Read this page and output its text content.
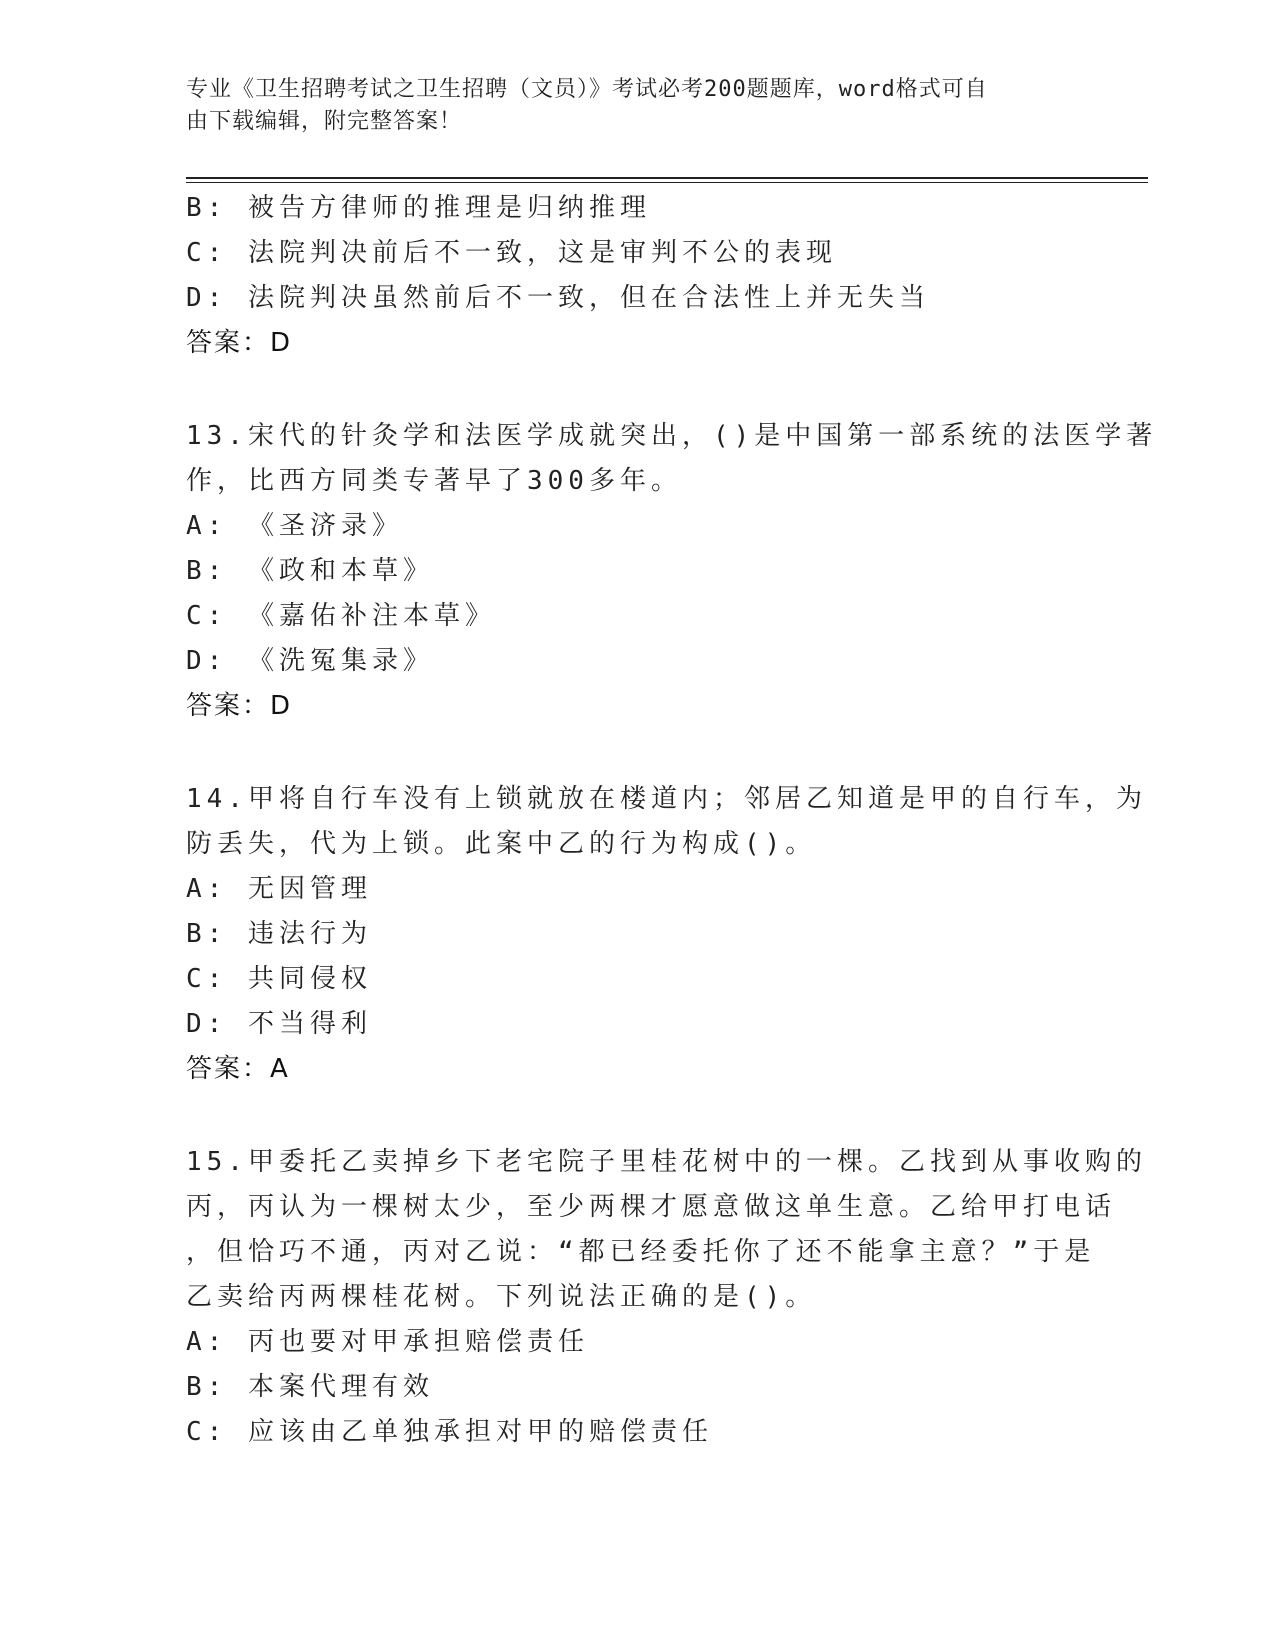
专业《卫生招聘考试之卫生招聘（文员）》考试必考200题题库，word格式可自
由下载编辑，附完整答案！
B: 被告方律师的推理是归纳推理
C: 法院判决前后不一致，这是审判不公的表现
D: 法院判决虽然前后不一致，但在合法性上并无失当
答案：D
13.宋代的针灸学和法医学成就突出，()是中国第一部系统的法医学著
作，比西方同类专著早了300多年。
A: 《圣济录》
B: 《政和本草》
C: 《嘉佑补注本草》
D: 《洗冤集录》
答案：D
14.甲将自行车没有上锁就放在楼道内；邻居乙知道是甲的自行车，为
防丢失，代为上锁。此案中乙的行为构成()。
A: 无因管理
B: 违法行为
C: 共同侵权
D: 不当得利
答案：A
15.甲委托乙卖掉乡下老宅院子里桂花树中的一棵。乙找到从事收购的
丙，丙认为一棵树太少，至少两棵才愿意做这单生意。乙给甲打电话
，但恰巧不通，丙对乙说：“都已经委托你了还不能拿主意？”于是
乙卖给丙两棵桂花树。下列说法正确的是()。
A: 丙也要对甲承担赔偿责任
B: 本案代理有效
C: 应该由乙单独承担对甲的赔偿责任
